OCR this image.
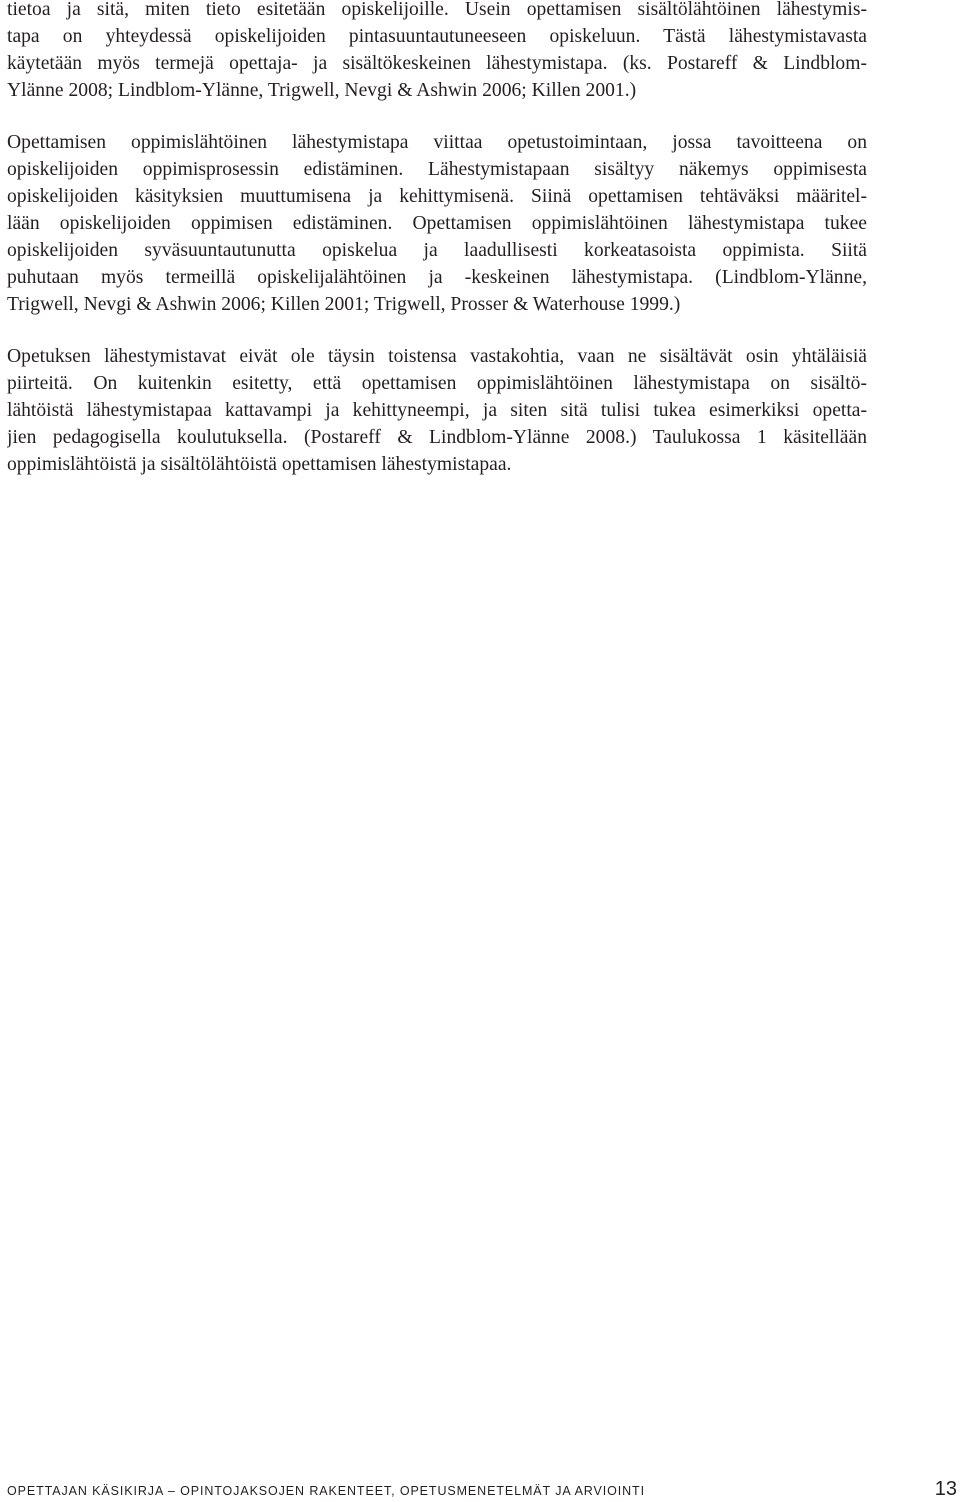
tietoa ja sitä, miten tieto esitetään opiskelijoille. Usein opettamisen sisältölähtöinen lähestymis-
tapa on yhteydessä opiskelijoiden pintasuuntautuneeseen opiskeluun. Tästä lähestymistavasta
käytetään myös termejä opettaja- ja sisältökeskeinen lähestymistapa. (ks. Postareff & Lindblom-
Ylänne 2008; Lindblom-Ylänne, Trigwell, Nevgi & Ashwin 2006; Killen 2001.)
Opettamisen oppimislähtöinen lähestymistapa viittaa opetustoimintaan, jossa tavoitteena on
opiskelijoiden oppimisprosessin edistäminen. Lähestymistapaan sisältyy näkemys oppimisesta
opiskelijoiden käsityksien muuttumisena ja kehittymisenä. Siinä opettamisen tehtäväksi määritel-
lään opiskelijoiden oppimisen edistäminen. Opettamisen oppimislähtöinen lähestymistapa tukee
opiskelijoiden syväsuuntautunutta opiskelua ja laadullisesti korkeatasoista oppimista. Siitä
puhutaan myös termeillä opiskelijalähtöinen ja -keskeinen lähestymistapa. (Lindblom-Ylänne,
Trigwell, Nevgi & Ashwin 2006; Killen 2001; Trigwell, Prosser & Waterhouse 1999.)
Opetuksen lähestymistavat eivät ole täysin toistensa vastakohtia, vaan ne sisältävät osin yhtäläisiä
piirteitä. On kuitenkin esitetty, että opettamisen oppimislähtöinen lähestymistapa on sisältö-
lähtöistä lähestymistapaa kattavampi ja kehittyneempi, ja siten sitä tulisi tukea esimerkiksi opetta-
jien pedagogisella koulutuksella. (Postareff & Lindblom-Ylänne 2008.) Taulukossa 1 käsitellään
oppimislähtöistä ja sisältölähtöistä opettamisen lähestymistapaa.
OPETTAJAN KÄSIKIRJA – OPINTOJAKSOJEN RAKENTEET, OPETUSMENETELMÄT JA ARVIOINTI	13
